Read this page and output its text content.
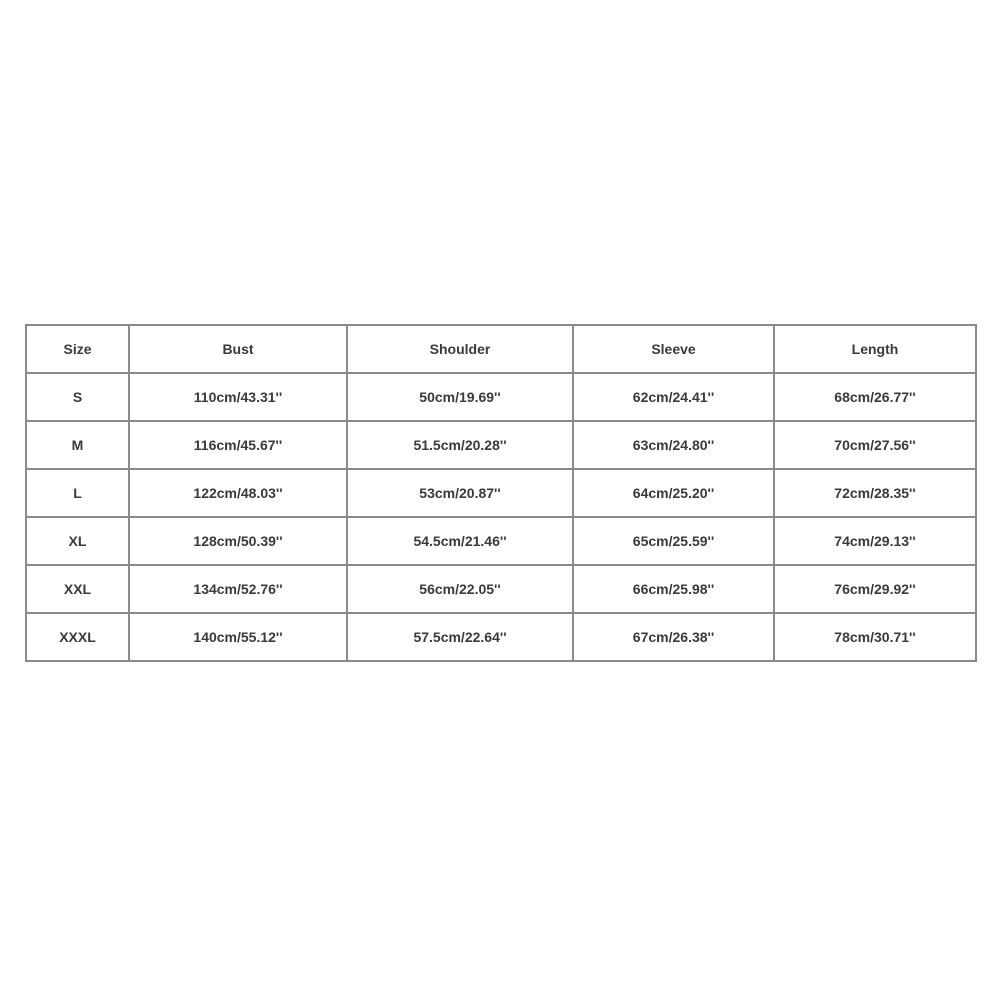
Size	Bust	Shoulder	Sleeve	Length
S	110cm/43.31''	50cm/19.69''	62cm/24.41''	68cm/26.77''
M	116cm/45.67''	51.5cm/20.28''	63cm/24.80''	70cm/27.56''
L	122cm/48.03''	53cm/20.87''	64cm/25.20''	72cm/28.35''
XL	128cm/50.39''	54.5cm/21.46''	65cm/25.59''	74cm/29.13''
XXL	134cm/52.76''	56cm/22.05''	66cm/25.98''	76cm/29.92''
XXXL	140cm/55.12''	57.5cm/22.64''	67cm/26.38''	78cm/30.71''
